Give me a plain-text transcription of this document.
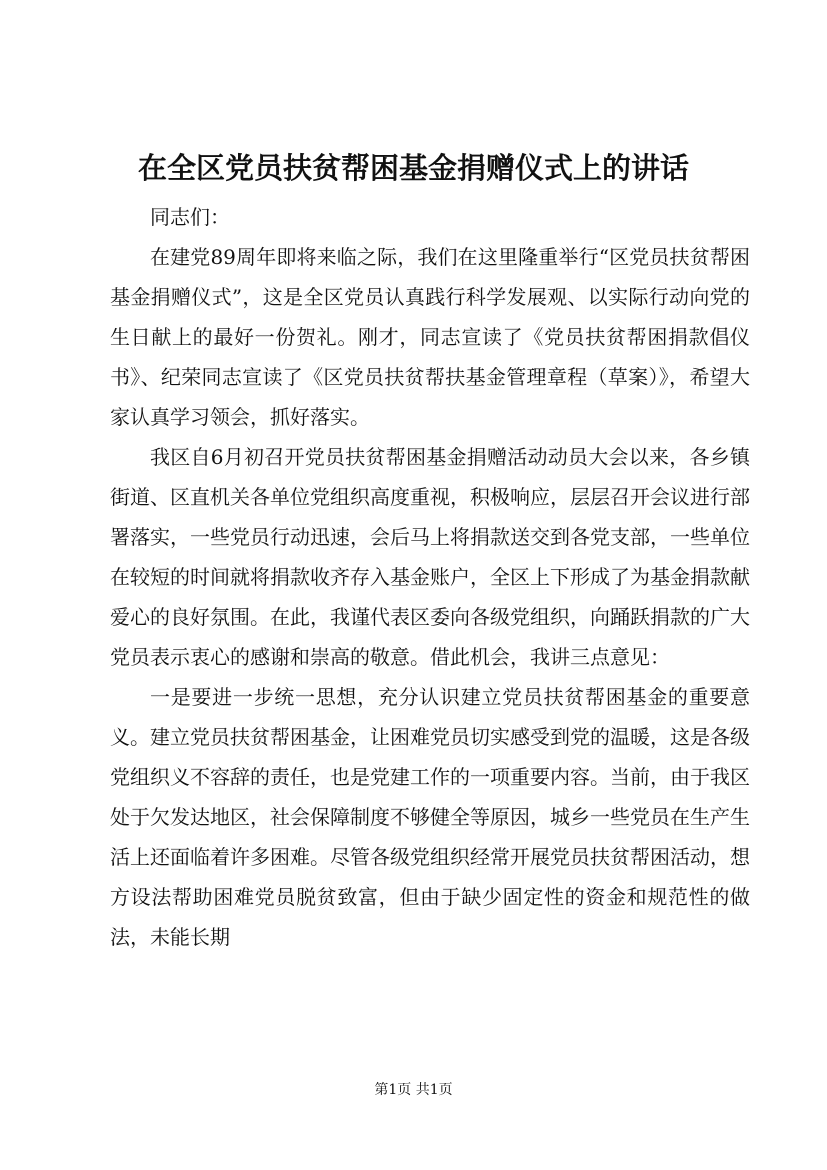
在全区党员扶贫帮困基金捐赠仪式上的讲话

同志们：

在建党89周年即将来临之际，我们在这里隆重举行“区党员扶贫帮困基金捐赠仪式”，这是全区党员认真践行科学发展观、以实际行动向党的生日献上的最好一份贺礼。刚才，同志宣读了《党员扶贫帮困捐款倡仪书》、纪荣同志宣读了《区党员扶贫帮扶基金管理章程（草案）》，希望大家认真学习领会，抓好落实。

我区自6月初召开党员扶贫帮困基金捐赠活动动员大会以来，各乡镇街道、区直机关各单位党组织高度重视，积极响应，层层召开会议进行部署落实，一些党员行动迅速，会后马上将捐款送交到各党支部，一些单位在较短的时间就将捐款收齐存入基金账户，全区上下形成了为基金捐款献爱心的良好氛围。在此，我谨代表区委向各级党组织，向踊跃捐款的广大党员表示衷心的感谢和崇高的敬意。借此机会，我讲三点意见：

一是要进一步统一思想，充分认识建立党员扶贫帮困基金的重要意义。建立党员扶贫帮困基金，让困难党员切实感受到党的温暖，这是各级党组织义不容辞的责任，也是党建工作的一项重要内容。当前，由于我区处于欠发达地区，社会保障制度不够健全等原因，城乡一些党员在生产生活上还面临着许多困难。尽管各级党组织经常开展党员扶贫帮困活动，想方设法帮助困难党员脱贫致富，但由于缺少固定性的资金和规范性的做法，未能长期

第1页 共1页
